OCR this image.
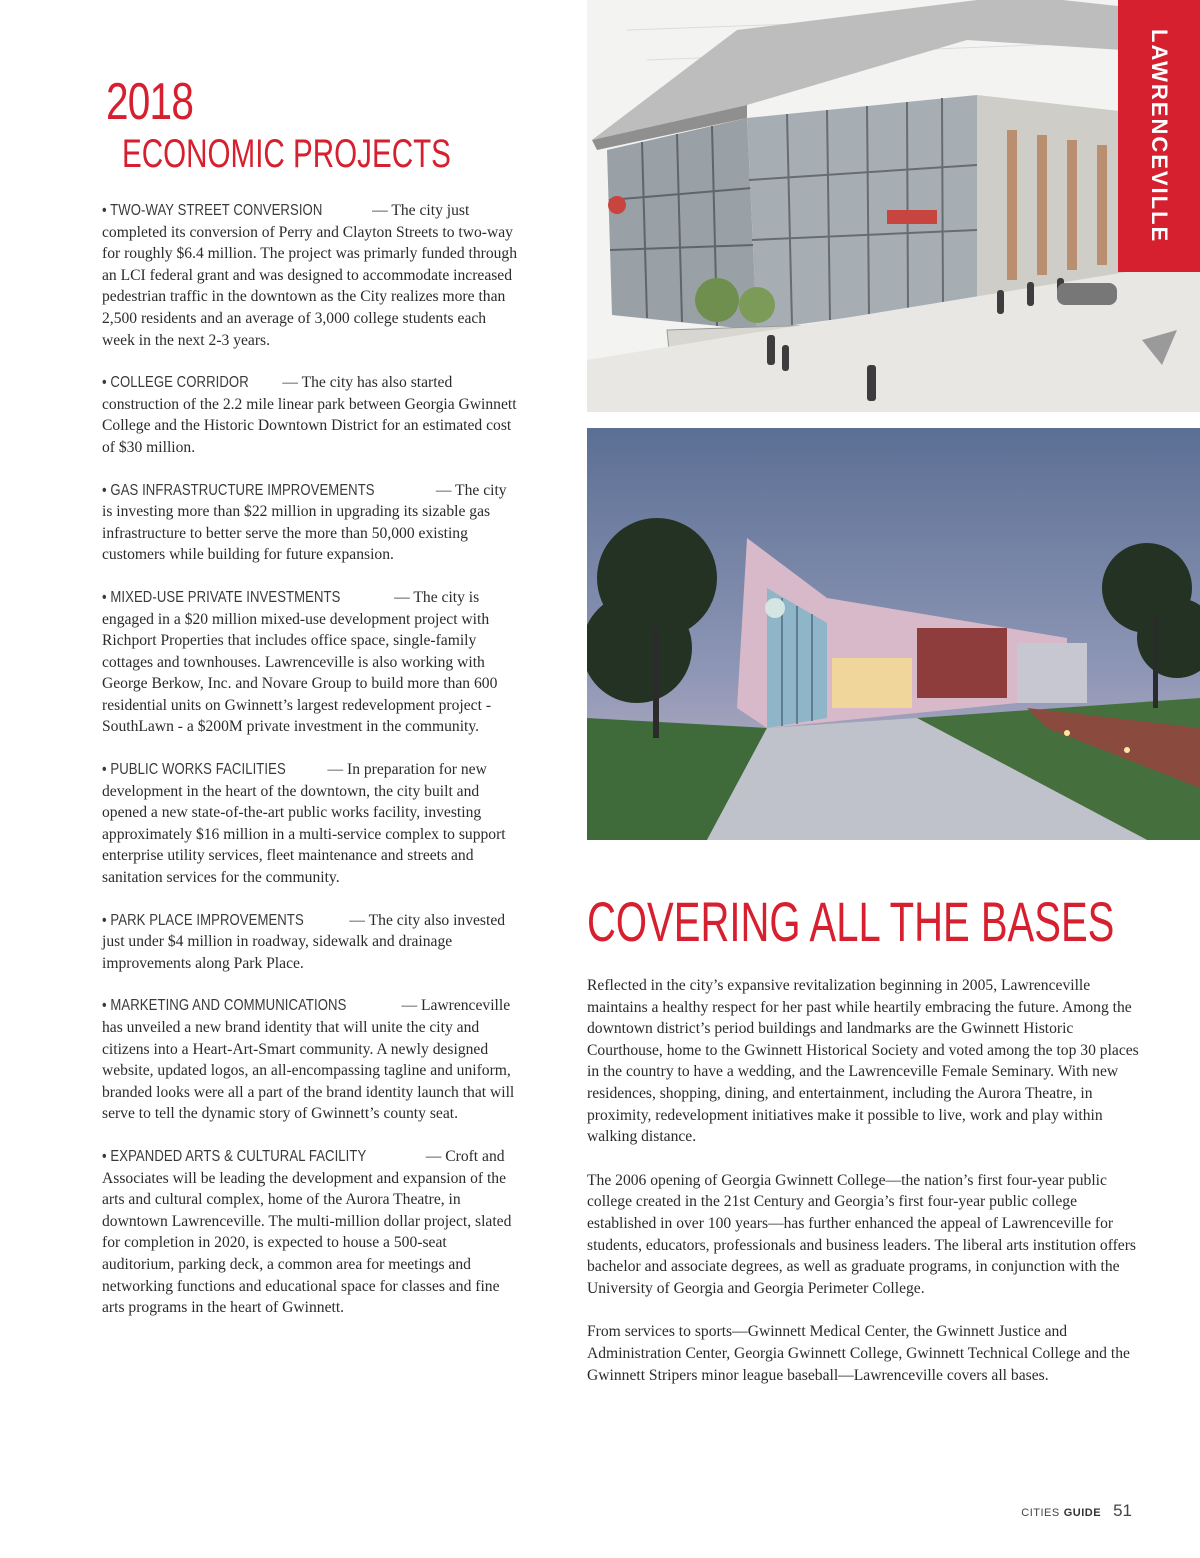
2018
ECONOMIC PROJECTS
• TWO-WAY STREET CONVERSION	— The city just completed its conversion of Perry and Clayton Streets to two-way for roughly $6.4 million. The project was primarly funded through an LCI federal grant and was designed to accommodate increased pedestrian traffic in the downtown as the City realizes more than 2,500 residents and an average of 3,000 college students each week in the next 2-3 years.
• COLLEGE CORRIDOR — The city has also started construction of the 2.2 mile linear park between Georgia Gwinnett College and the Historic Downtown District for an estimated cost of $30 million.
• GAS INFRASTRUCTURE IMPROVEMENTS	— The city is investing more than $22 million in upgrading its sizable gas infrastructure to better serve the more than 50,000 existing customers while building for future expansion.
• MIXED-USE PRIVATE INVESTMENTS	— The city is engaged in a $20 million mixed-use development project with Richport Properties that includes office space, single-family cottages and townhouses. Lawrenceville is also working with George Berkow, Inc. and Novare Group to build more than 600 residential units on Gwinnett’s largest redevelopment project - SouthLawn - a $200M private investment in the community.
• PUBLIC WORKS FACILITIES — In preparation for new development in the heart of the downtown, the city built and opened a new state-of-the-art public works facility, investing approximately $16 million in a multi-service complex to support enterprise utility services, fleet maintenance and streets and sanitation services for the community.
• PARK PLACE IMPROVEMENTS	— The city also invested just under $4 million in roadway, sidewalk and drainage improvements along Park Place.
• MARKETING AND COMMUNICATIONS	— Lawrenceville has unveiled a new brand identity that will unite the city and citizens into a Heart-Art-Smart community. A newly designed website, updated logos, an all-encompassing tagline and uniform, branded looks were all a part of the brand identity launch that will serve to tell the dynamic story of Gwinnett’s county seat.
• EXPANDED ARTS & CULTURAL FACILITY	— Croft and Associates will be leading the development and expansion of the arts and cultural complex, home of the Aurora Theatre, in downtown Lawrenceville. The multi-million dollar project, slated for completion in 2020, is expected to house a 500-seat auditorium, parking deck, a common area for meetings and networking functions and educational space for classes and fine arts programs in the heart of Gwinnett.
LAWRENCEVILLE
COVERING ALL THE BASES

Reflected in the city’s expansive revitalization beginning in 2005, Lawrenceville maintains a healthy respect for her past while heartily embracing the future. Among the downtown district’s period buildings and landmarks are the Gwinnett Historic Courthouse, home to the Gwinnett Historical Society and voted among the top 30 places in the country to have a wedding, and the Lawrenceville Female Seminary. With new residences, shopping, dining, and entertainment, including the Aurora Theatre, in proximity, redevelopment initiatives make it possible to live, work and play within walking distance.

The 2006 opening of Georgia Gwinnett College—the nation’s first four-year public college created in the 21st Century and Georgia’s first four-year public college established in over 100 years—has further enhanced the appeal of Lawrenceville for students, educators, professionals and business leaders. The liberal arts institution offers bachelor and associate degrees, as well as graduate programs, in conjunction with the University of Georgia and Georgia Perimeter College.

From services to sports—Gwinnett Medical Center, the Gwinnett Justice and Administration Center, Georgia Gwinnett College, Gwinnett Technical College and the Gwinnett Stripers minor league baseball—Lawrenceville covers all bases.

CITIES GUIDE 51
